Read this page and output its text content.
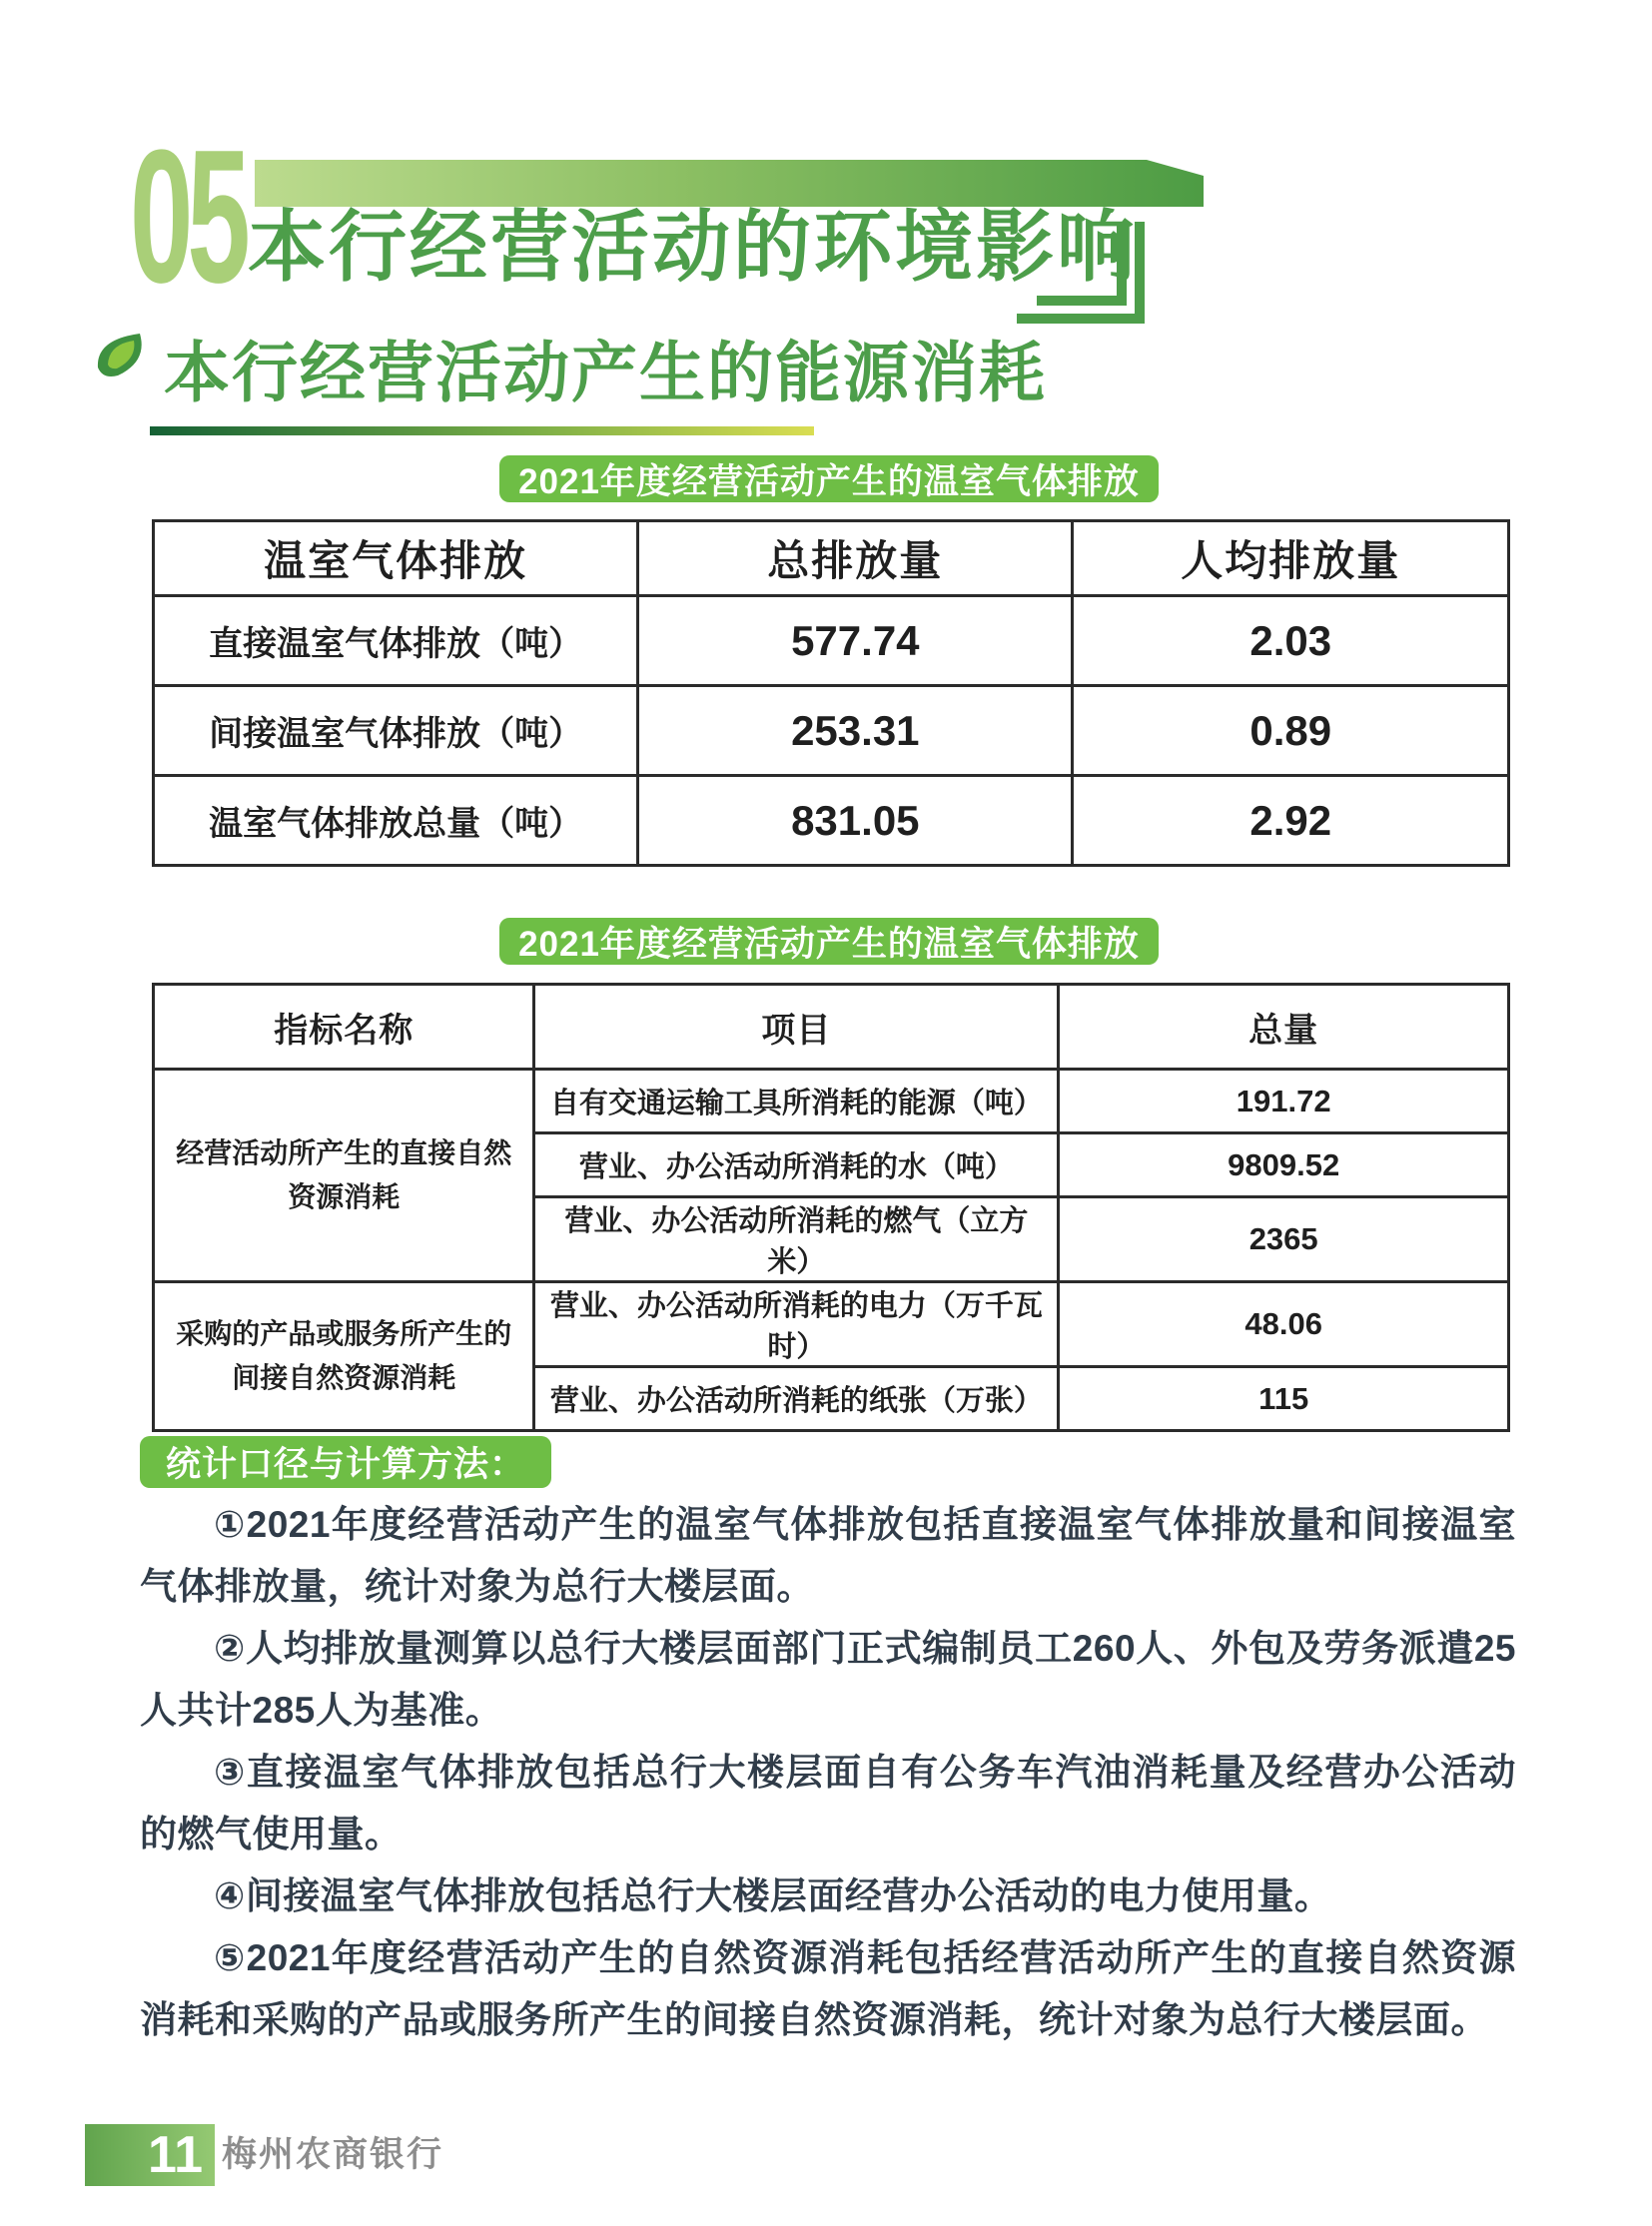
05 本行经营活动的环境影响
本行经营活动产生的能源消耗
2021年度经营活动产生的温室气体排放
温室气体排放	总排放量	人均排放量
直接温室气体排放（吨）	577.74	2.03
间接温室气体排放（吨）	253.31	0.89
温室气体排放总量（吨）	831.05	2.92
2021年度经营活动产生的温室气体排放
指标名称	项目	总量
经营活动所产生的直接自然资源消耗	自有交通运输工具所消耗的能源（吨）	191.72
	营业、办公活动所消耗的水（吨）	9809.52
	营业、办公活动所消耗的燃气（立方米）	2365
采购的产品或服务所产生的间接自然资源消耗	营业、办公活动所消耗的电力（万千瓦时）	48.06
	营业、办公活动所消耗的纸张（万张）	115
统计口径与计算方法：

①2021年度经营活动产生的温室气体排放包括直接温室气体排放量和间接温室气体排放量，统计对象为总行大楼层面。

②人均排放量测算以总行大楼层面部门正式编制员工260人、外包及劳务派遣25人共计285人为基准。

③直接温室气体排放包括总行大楼层面自有公务车汽油消耗量及经营办公活动的燃气使用量。

④间接温室气体排放包括总行大楼层面经营办公活动的电力使用量。

⑤2021年度经营活动产生的自然资源消耗包括经营活动所产生的直接自然资源消耗和采购的产品或服务所产生的间接自然资源消耗，统计对象为总行大楼层面。

11 梅州农商银行
